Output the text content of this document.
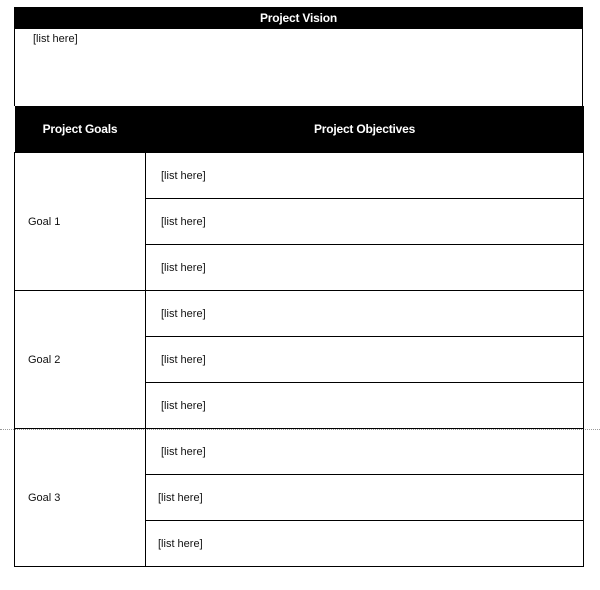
Project Vision
[list here]
Project Goals	Project Objectives
Goal 1	[list here]
	[list here]
	[list here]
Goal 2	[list here]
	[list here]
	[list here]
Goal 3	[list here]
	[list here]
	[list here]
